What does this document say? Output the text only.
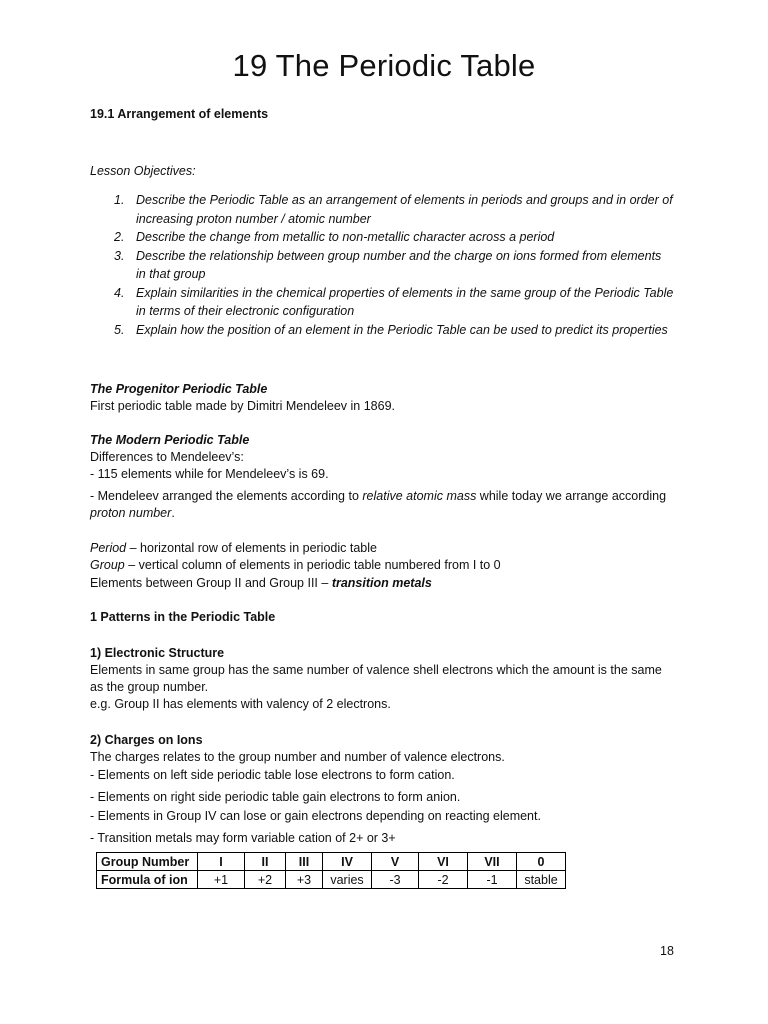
19 The Periodic Table
19.1 Arrangement of elements
Lesson Objectives:
1. Describe the Periodic Table as an arrangement of elements in periods and groups and in order of
increasing proton number / atomic number
2. Describe the change from metallic to non-metallic character across a period
3. Describe the relationship between group number and the charge on ions formed from elements
in that group
4. Explain similarities in the chemical properties of elements in the same group of the Periodic Table
in terms of their electronic configuration
5. Explain how the position of an element in the Periodic Table can be used to predict its properties
The Progenitor Periodic Table
First periodic table made by Dimitri Mendeleev in 1869.
The Modern Periodic Table
Differences to Mendeleev’s:
- 115 elements while for Mendeleev’s is 69.
- Mendeleev arranged the elements according to relative atomic mass while today we arrange according
proton number.
Period – horizontal row of elements in periodic table
Group – vertical column of elements in periodic table numbered from I to 0
Elements between Group II and Group III – transition metals
1 Patterns in the Periodic Table
1) Electronic Structure
Elements in same group has the same number of valence shell electrons which the amount is the same
as the group number.
e.g. Group II has elements with valency of 2 electrons.
2) Charges on Ions
The charges relates to the group number and number of valence electrons.
- Elements on left side periodic table lose electrons to form cation.
- Elements on right side periodic table gain electrons to form anion.
- Elements in Group IV can lose or gain electrons depending on reacting element.
- Transition metals may form variable cation of 2+ or 3+
Group Number	I	II	III	IV	V	VI	VII	0
Formula of ion	+1	+2	+3	varies	-3	-2	-1	stable
18
